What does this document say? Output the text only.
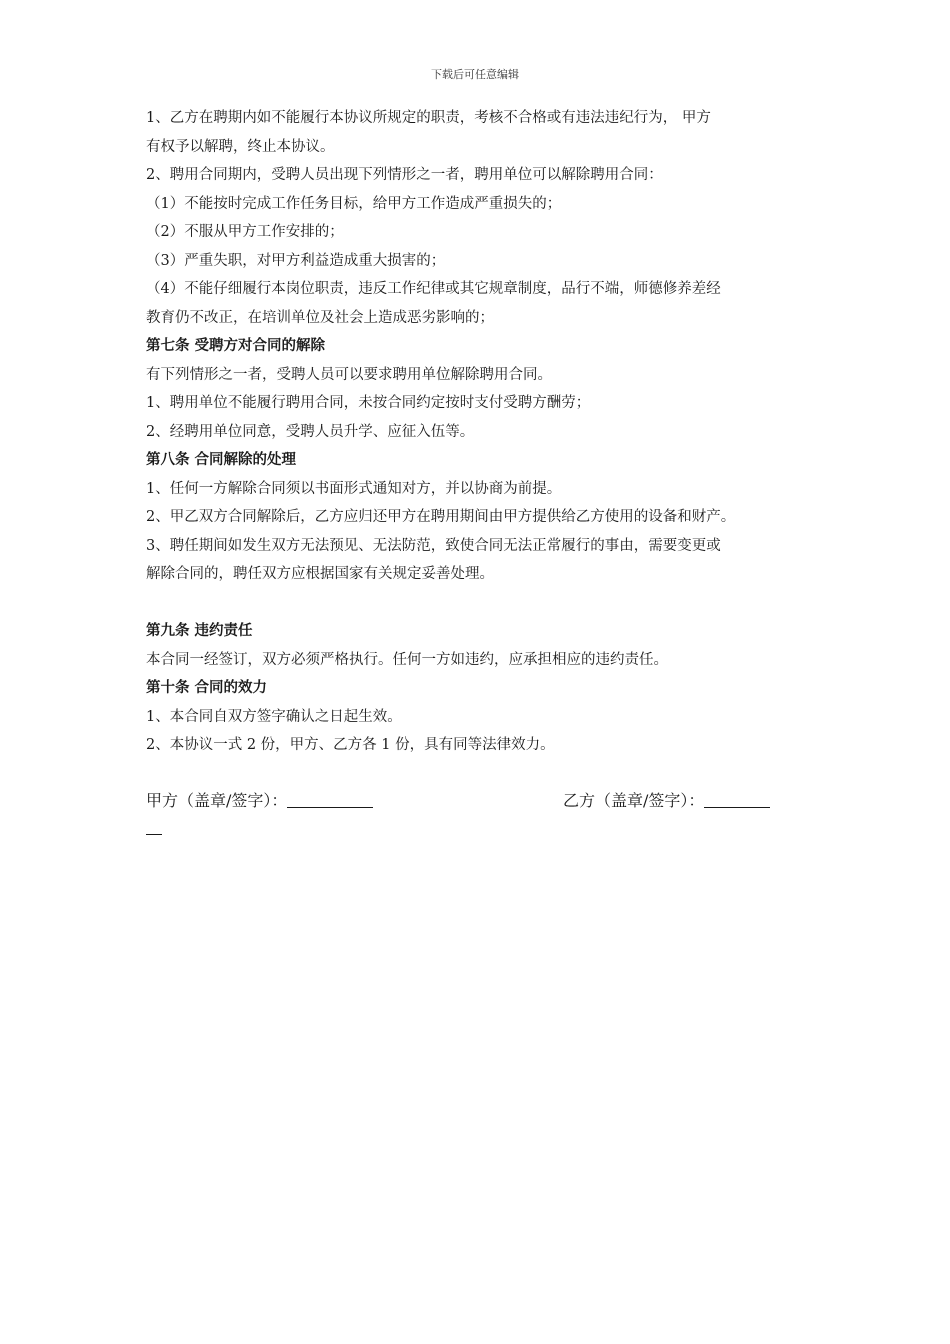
下载后可任意编辑
1、乙方在聘期内如不能履行本协议所规定的职责，考核不合格或有违法违纪行为， 甲方
有权予以解聘，终止本协议。
2、聘用合同期内，受聘人员出现下列情形之一者，聘用单位可以解除聘用合同：
（1）不能按时完成工作任务目标，给甲方工作造成严重损失的；
（2）不服从甲方工作安排的；
（3）严重失职，对甲方利益造成重大损害的；
（4）不能仔细履行本岗位职责，违反工作纪律或其它规章制度，品行不端，师德修养差经
教育仍不改正，在培训单位及社会上造成恶劣影响的；
第七条 受聘方对合同的解除
有下列情形之一者，受聘人员可以要求聘用单位解除聘用合同。
1、聘用单位不能履行聘用合同，未按合同约定按时支付受聘方酬劳；
2、经聘用单位同意，受聘人员升学、应征入伍等。
第八条 合同解除的处理
1、任何一方解除合同须以书面形式通知对方，并以协商为前提。
2、甲乙双方合同解除后，乙方应归还甲方在聘用期间由甲方提供给乙方使用的设备和财产。
3、聘任期间如发生双方无法预见、无法防范，致使合同无法正常履行的事由，需要变更或
解除合同的，聘任双方应根据国家有关规定妥善处理。
第九条 违约责任
本合同一经签订，双方必须严格执行。任何一方如违约，应承担相应的违约责任。
第十条 合同的效力
1、本合同自双方签字确认之日起生效。
2、本协议一式 2 份，甲方、乙方各 1 份，具有同等法律效力。
甲方（盖章/签字）：	乙方（盖章/签字）：
